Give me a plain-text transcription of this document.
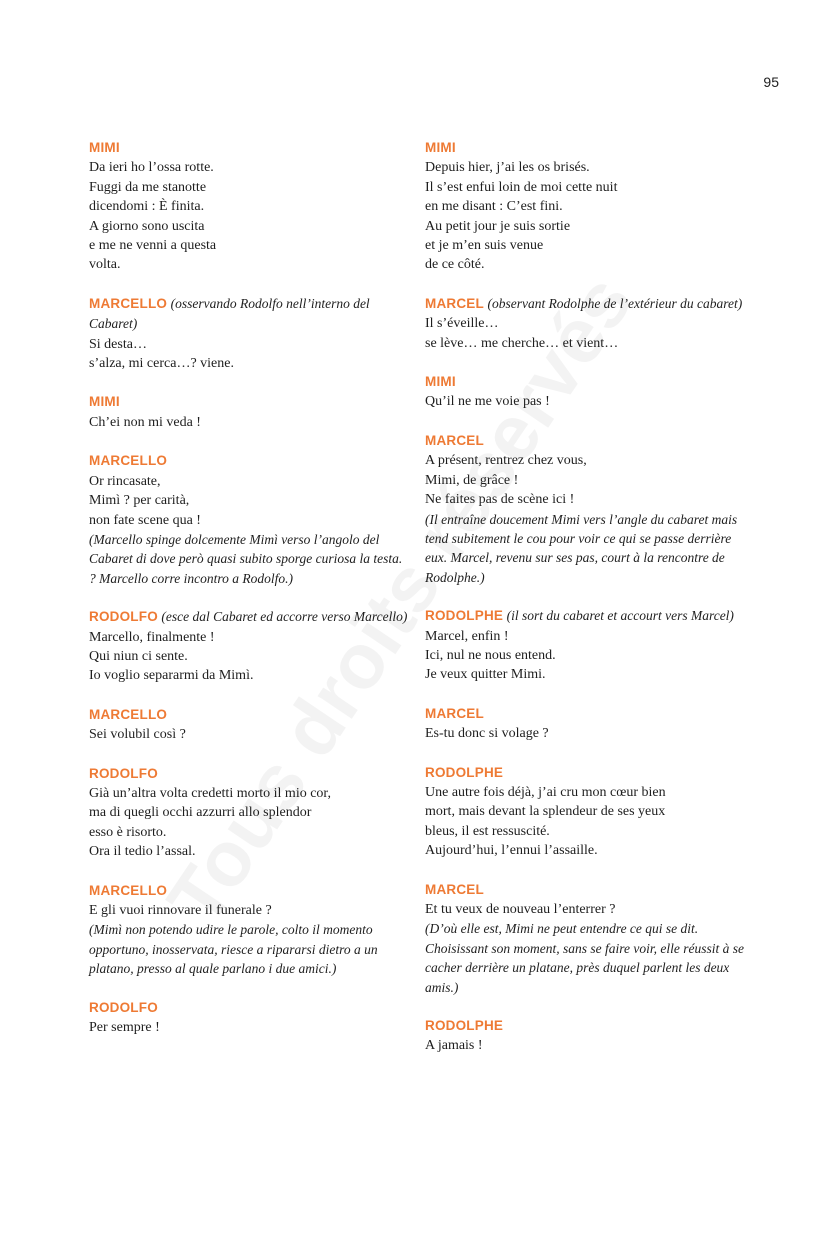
95

MIMI

Da ieri ho l’ossa rotte.
Fuggi da me stanotte
dicendomi : È finita.
A giorno sono uscita
e me ne venni a questa
volta.

MARCELLO (osservando Rodolfo nell’interno del Cabaret)

Si desta…
s’alza, mi cerca…? viene.

MIMI

Ch’ei non mi veda !

MARCELLO

Or rincasate,
Mimì ? per carità,
non fate scene qua !

(Marcello spinge dolcemente Mimì verso l’angolo del Cabaret di dove però quasi subito sporge curiosa la testa. ? Marcello corre incontro a Rodolfo.)

RODOLFO (esce dal Cabaret ed accorre verso Marcello)

Marcello, finalmente !
Qui niun ci sente.
Io voglio separarmi da Mimì.

MARCELLO

Sei volubil così ?

RODOLFO

Già un’altra volta credetti morto il mio cor,
ma di quegli occhi azzurri allo splendor
esso è risorto.
Ora il tedio l’assal.

MARCELLO

E gli vuoi rinnovare il funerale ?

(Mimì non potendo udire le parole, colto il momento opportuno, inosservata, riesce a ripararsi dietro a un platano, presso al quale parlano i due amici.)

RODOLFO

Per sempre !

MIMI

Depuis hier, j’ai les os brisés.
Il s’est enfui loin de moi cette nuit
en me disant : C’est fini.
Au petit jour je suis sortie
et je m’en suis venue
de ce côté.

MARCEL (observant Rodolphe de l’extérieur du cabaret)

Il s’éveille…
se lève… me cherche… et vient…

MIMI

Qu’il ne me voie pas !

MARCEL

A présent, rentrez chez vous,
Mimi, de grâce !
Ne faites pas de scène ici !

(Il entraîne doucement Mimi vers l’angle du cabaret mais tend subitement le cou pour voir ce qui se passe derrière eux. Marcel, revenu sur ses pas, court à la rencontre de Rodolphe.)

RODOLPHE (il sort du cabaret et accourt vers Marcel)

Marcel, enfin !
Ici, nul ne nous entend.
Je veux quitter Mimi.

MARCEL

Es-tu donc si volage ?

RODOLPHE

Une autre fois déjà, j’ai cru mon cœur bien
mort, mais devant la splendeur de ses yeux
bleus, il est ressuscité.
Aujourd’hui, l’ennui l’assaille.

MARCEL

Et tu veux de nouveau l’enterrer ?

(D’où elle est, Mimi ne peut entendre ce qui se dit. Choisissant son moment, sans se faire voir, elle réussit à se cacher derrière un platane, près duquel parlent les deux amis.)

RODOLPHE

A jamais !
